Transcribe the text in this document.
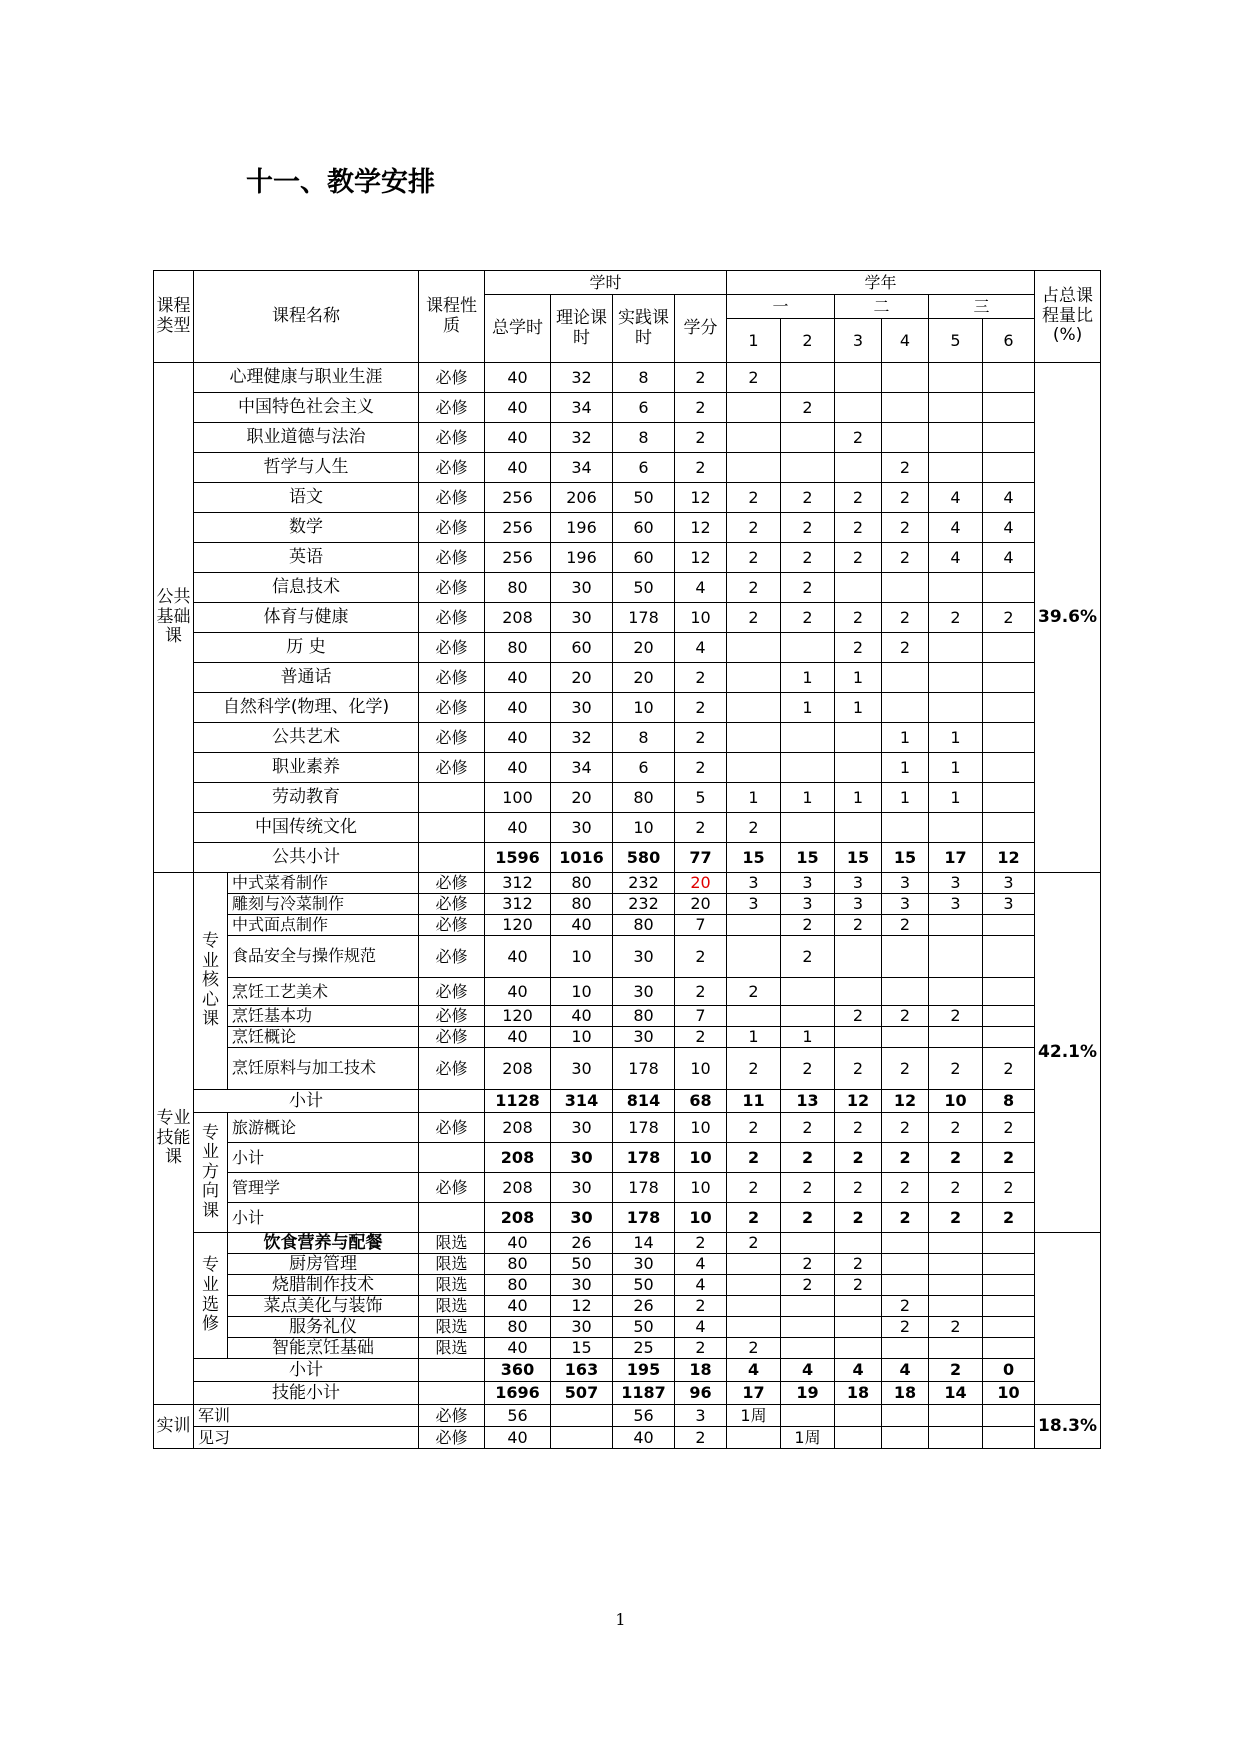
十一、教学安排
课程类型	课程名称		课程性质	学时				学年						占总课程量比(%)
				总学时	理论课时	实践课时	学分	一		二		三		
								1	2	3	4	5	6	
公共基础课	心理健康与职业生涯		必修	40	32	8	2	2						39.6%
	中国特色社会主义		必修	40	34	6	2		2					
	职业道德与法治		必修	40	32	8	2			2				
	哲学与人生		必修	40	34	6	2				2			
	语文		必修	256	206	50	12	2	2	2	2	4	4	
	数学		必修	256	196	60	12	2	2	2	2	4	4	
	英语		必修	256	196	60	12	2	2	2	2	4	4	
	信息技术		必修	80	30	50	4	2	2					
	体育与健康		必修	208	30	178	10	2	2	2	2	2	2	
	历 史		必修	80	60	20	4			2	2			
	普通话		必修	40	20	20	2		1	1				
	自然科学(物理、化学)		必修	40	30	10	2		1	1				
	公共艺术		必修	40	32	8	2				1	1		
	职业素养		必修	40	34	6	2				1	1		
	劳动教育			100	20	80	5	1	1	1	1	1		
	中国传统文化			40	30	10	2	2						
	公共小计			1596	1016	580	77	15	15	15	15	17	12	
专业技能课	专业核心课	中式菜肴制作	必修	312	80	232	20	3	3	3	3	3	3	42.1%
		雕刻与冷菜制作	必修	312	80	232	20	3	3	3	3	3	3	
		中式面点制作	必修	120	40	80	7		2	2	2			
		食品安全与操作规范	必修	40	10	30	2		2					
		烹饪工艺美术	必修	40	10	30	2	2						
		烹饪基本功	必修	120	40	80	7			2	2	2		
		烹饪概论	必修	40	10	30	2	1	1					
		烹饪原料与加工技术	必修	208	30	178	10	2	2	2	2	2	2	
	小计			1128	314	814	68	11	13	12	12	10	8	
	专业方向课	旅游概论	必修	208	30	178	10	2	2	2	2	2	2	
		小计		208	30	178	10	2	2	2	2	2	2	
		管理学	必修	208	30	178	10	2	2	2	2	2	2	
		小计		208	30	178	10	2	2	2	2	2	2	
	专业选修	饮食营养与配餐	限选	40	26	14	2	2						
		厨房管理	限选	80	50	30	4		2	2				
		烧腊制作技术	限选	80	30	50	4		2	2				
		菜点美化与装饰	限选	40	12	26	2				2			
		服务礼仪	限选	80	30	50	4				2	2		
		智能烹饪基础	限选	40	15	25	2	2						
	小计			360	163	195	18	4	4	4	4	2	0	
	技能小计			1696	507	1187	96	17	19	18	18	14	10	
实训	军训		必修	56		56	3	1周						18.3%
	见习		必修	40		40	2		1周					
1
